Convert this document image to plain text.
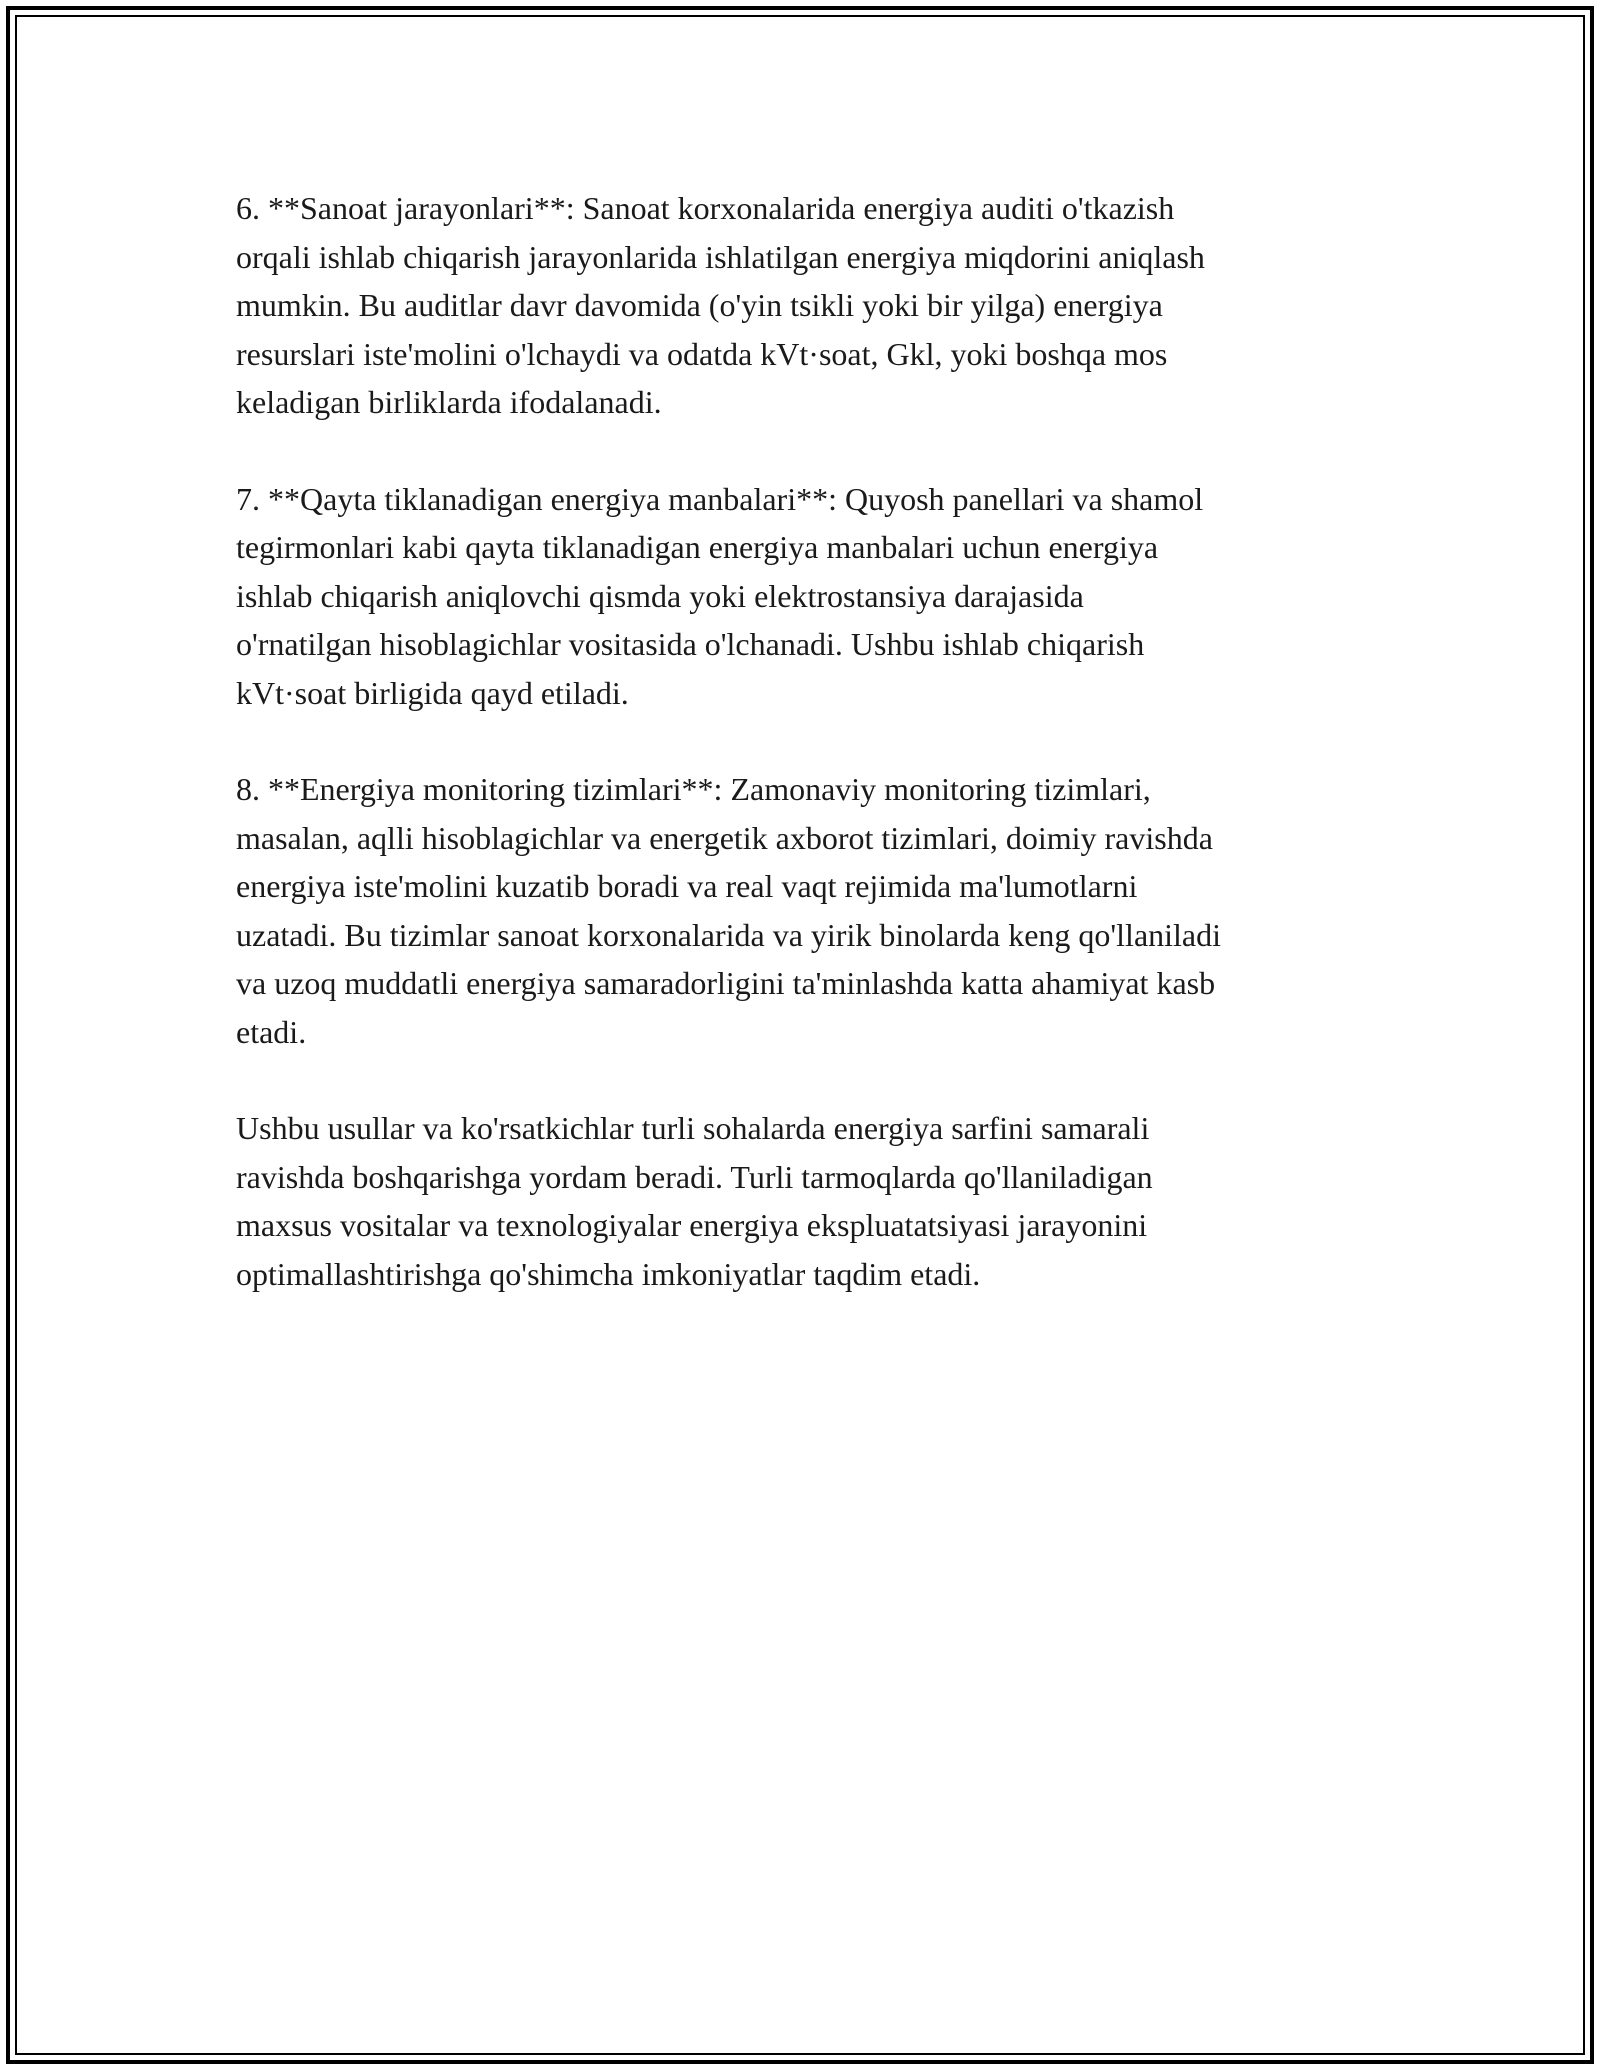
6. **Sanoat jarayonlari**: Sanoat korxonalarida energiya auditi o'tkazish
orqali ishlab chiqarish jarayonlarida ishlatilgan energiya miqdorini aniqlash
mumkin. Bu auditlar davr davomida (o'yin tsikli yoki bir yilga) energiya
resurslari iste'molini o'lchaydi va odatda kVt·soat, Gkl, yoki boshqa mos
keladigan birliklarda ifodalanadi.

7. **Qayta tiklanadigan energiya manbalari**: Quyosh panellari va shamol
tegirmonlari kabi qayta tiklanadigan energiya manbalari uchun energiya
ishlab chiqarish aniqlovchi qismda yoki elektrostansiya darajasida
o'rnatilgan hisoblagichlar vositasida o'lchanadi. Ushbu ishlab chiqarish
kVt·soat birligida qayd etiladi.

8. **Energiya monitoring tizimlari**: Zamonaviy monitoring tizimlari,
masalan, aqlli hisoblagichlar va energetik axborot tizimlari, doimiy ravishda
energiya iste'molini kuzatib boradi va real vaqt rejimida ma'lumotlarni
uzatadi. Bu tizimlar sanoat korxonalarida va yirik binolarda keng qo'llaniladi
va uzoq muddatli energiya samaradorligini ta'minlashda katta ahamiyat kasb
etadi.

Ushbu usullar va ko'rsatkichlar turli sohalarda energiya sarfini samarali
ravishda boshqarishga yordam beradi. Turli tarmoqlarda qo'llaniladigan
maxsus vositalar va texnologiyalar energiya ekspluatatsiyasi jarayonini
optimallashtirishga qo'shimcha imkoniyatlar taqdim etadi.
